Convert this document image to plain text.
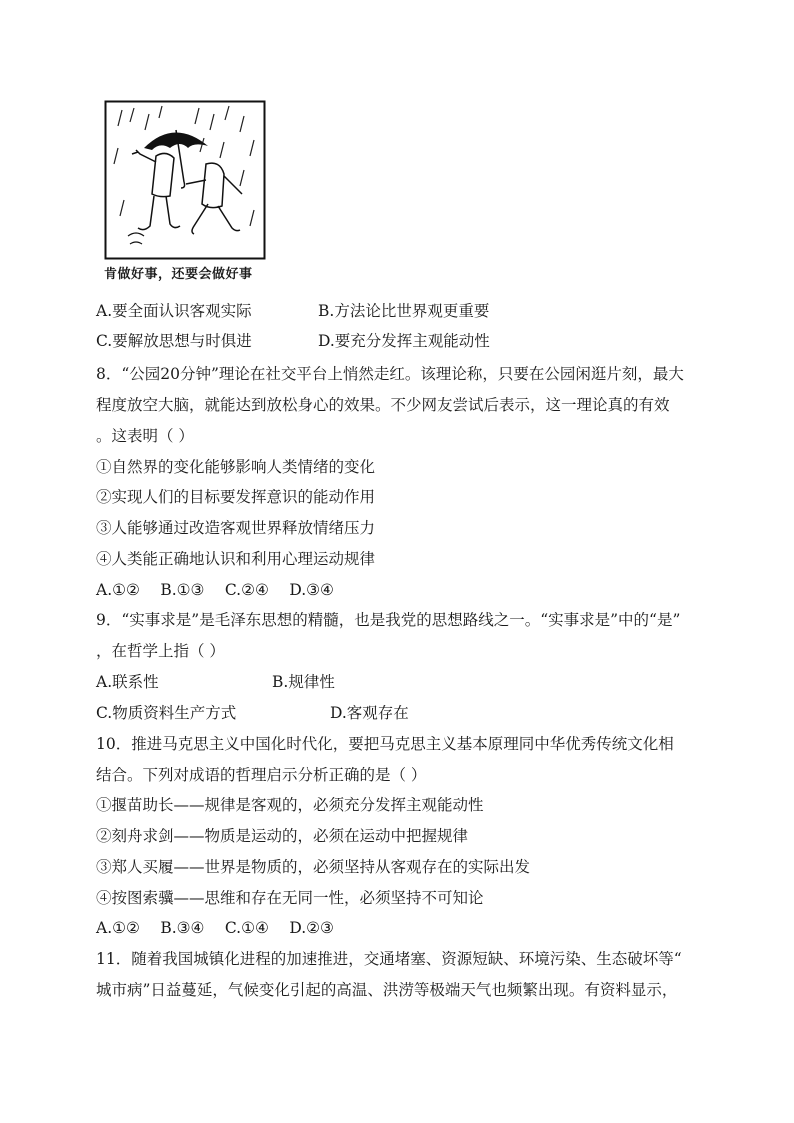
肯做好事，还要会做好事
A.要全面认识客观实际	B.方法论比世界观更重要
C.要解放思想与时俱进	D.要充分发挥主观能动性
8．“公园20分钟”理论在社交平台上悄然走红。该理论称，只要在公园闲逛片刻，最大
程度放空大脑，就能达到放松身心的效果。不少网友尝试后表示，这一理论真的有效
。这表明（ ）
①自然界的变化能够影响人类情绪的变化
②实现人们的目标要发挥意识的能动作用
③人能够通过改造客观世界释放情绪压力
④人类能正确地认识和利用心理运动规律
A.①②　 B.①③　 C.②④　 D.③④
9．“实事求是”是毛泽东思想的精髓，也是我党的思想路线之一。“实事求是”中的“是”
，在哲学上指（ ）
A.联系性	B.规律性
C.物质资料生产方式	D.客观存在
10．推进马克思主义中国化时代化，要把马克思主义基本原理同中华优秀传统文化相
结合。下列对成语的哲理启示分析正确的是（ ）
①揠苗助长——规律是客观的，必须充分发挥主观能动性
②刻舟求剑——物质是运动的，必须在运动中把握规律
③郑人买履——世界是物质的，必须坚持从客观存在的实际出发
④按图索骥——思维和存在无同一性，必须坚持不可知论
A.①②　 B.③④　 C.①④　 D.②③
11．随着我国城镇化进程的加速推进，交通堵塞、资源短缺、环境污染、生态破坏等“
城市病”日益蔓延，气候变化引起的高温、洪涝等极端天气也频繁出现。有资料显示，
